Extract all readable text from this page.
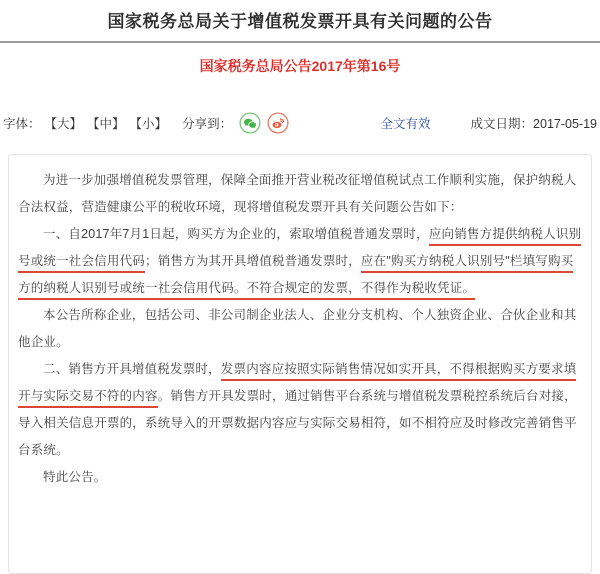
国家税务总局关于增值税发票开具有关问题的公告
国家税务总局公告2017年第16号
字体： 【大】 【中】 【小】 分享到：	全文有效	成文日期：2017-05-19

为进一步加强增值税发票管理，保障全面推开营业税改征增值税试点工作顺利实施，保护纳税人合法权益，营造健康公平的税收环境，现将增值税发票开具有关问题公告如下：

一、自2017年7月1日起，购买方为企业的，索取增值税普通发票时，应向销售方提供纳税人识别号或统一社会信用代码；销售方为其开具增值税普通发票时，应在"购买方纳税人识别号"栏填写购买方的纳税人识别号或统一社会信用代码。不符合规定的发票，不得作为税收凭证。

本公告所称企业，包括公司、非公司制企业法人、企业分支机构、个人独资企业、合伙企业和其他企业。

二、销售方开具增值税发票时，发票内容应按照实际销售情况如实开具，不得根据购买方要求填开与实际交易不符的内容。销售方开具发票时，通过销售平台系统与增值税发票税控系统后台对接，导入相关信息开票的，系统导入的开票数据内容应与实际交易相符，如不相符应及时修改完善销售平台系统。

特此公告。
